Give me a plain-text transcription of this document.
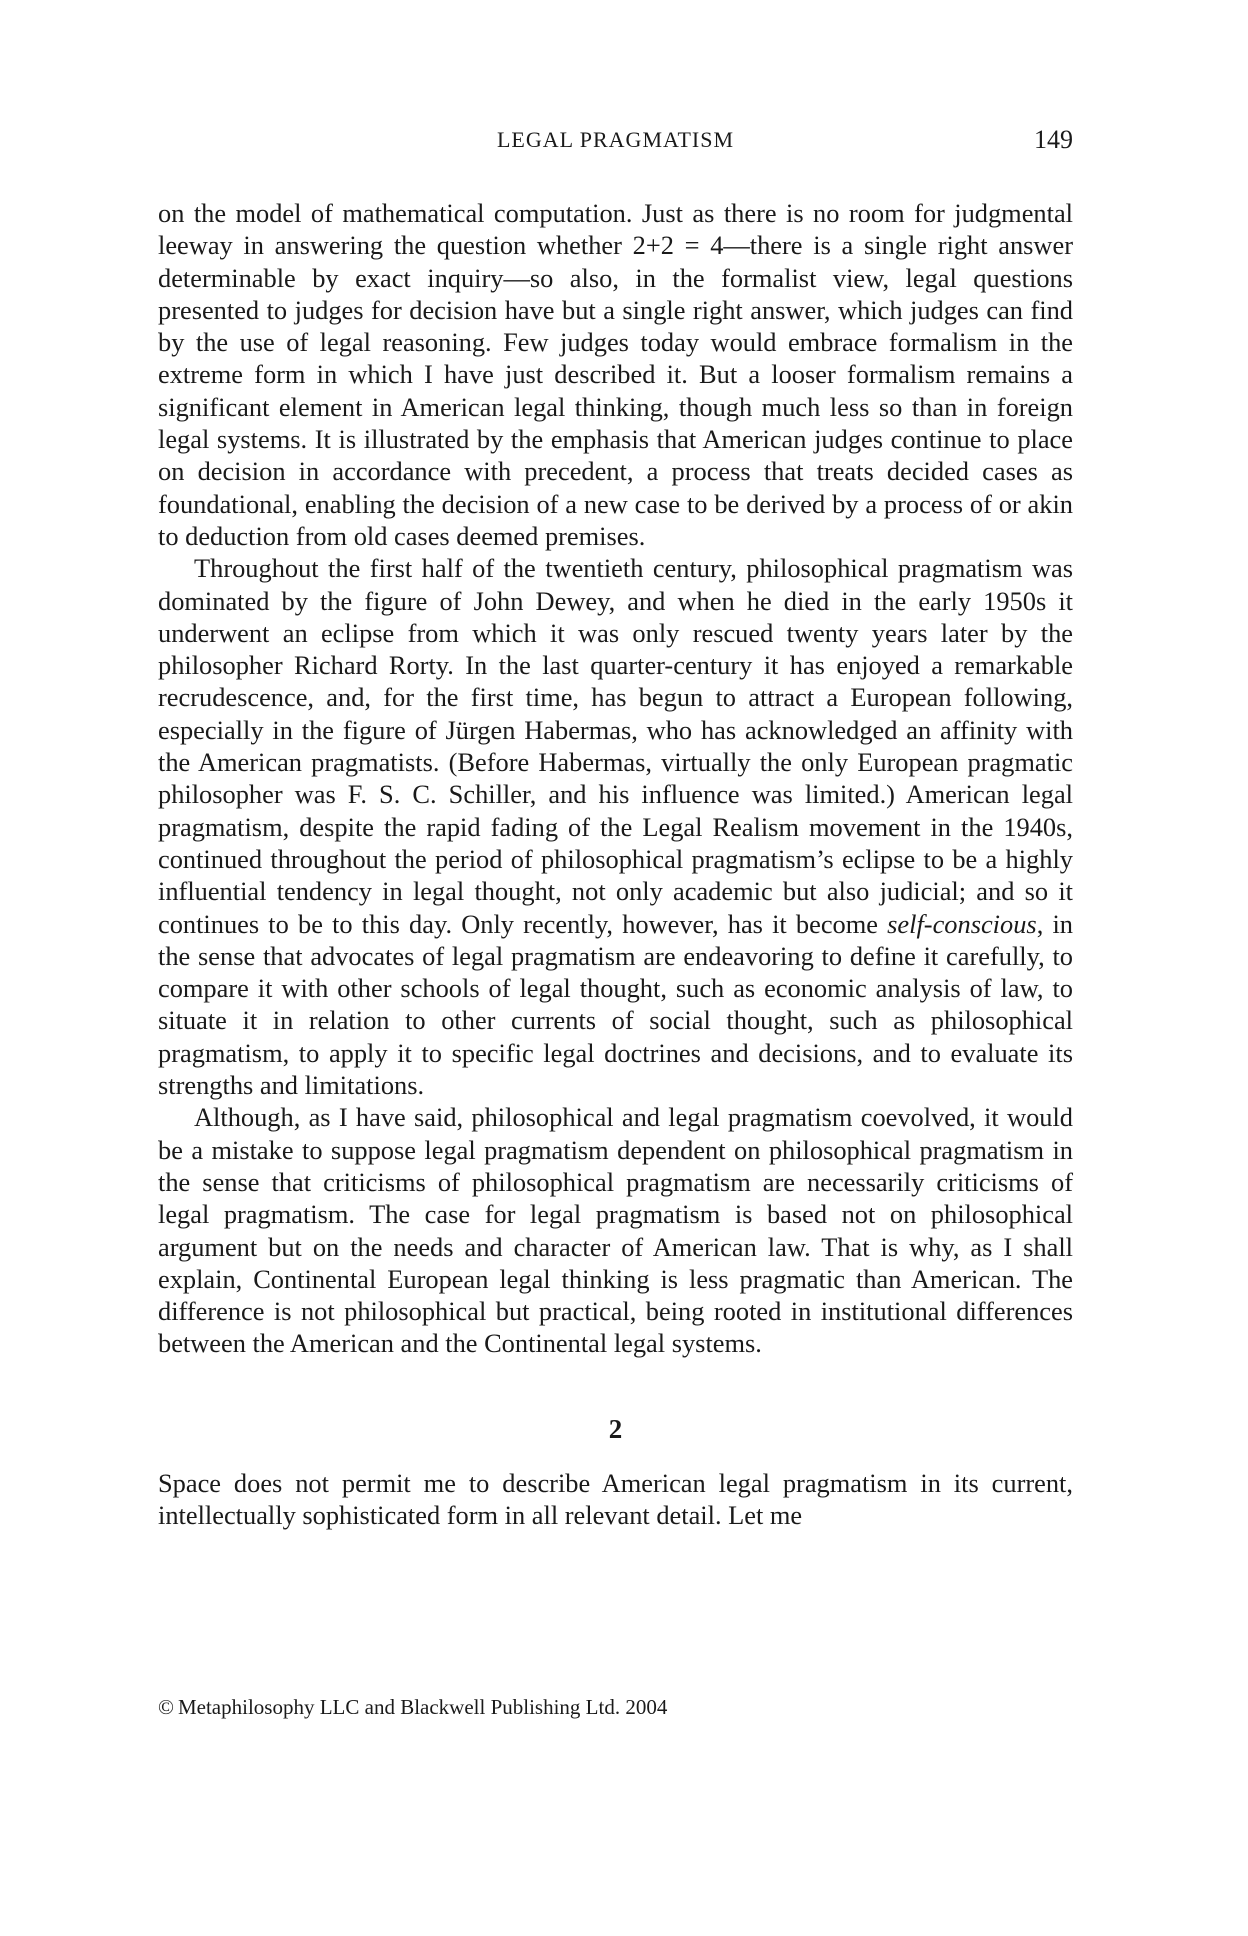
LEGAL PRAGMATISM	149

on the model of mathematical computation. Just as there is no room for judgmental leeway in answering the question whether 2+2 = 4—there is a single right answer determinable by exact inquiry—so also, in the formalist view, legal questions presented to judges for decision have but a single right answer, which judges can find by the use of legal reasoning. Few judges today would embrace formalism in the extreme form in which I have just described it. But a looser formalism remains a significant element in American legal thinking, though much less so than in foreign legal systems. It is illustrated by the emphasis that American judges continue to place on decision in accordance with precedent, a process that treats decided cases as foundational, enabling the decision of a new case to be derived by a process of or akin to deduction from old cases deemed premises.

Throughout the first half of the twentieth century, philosophical pragmatism was dominated by the figure of John Dewey, and when he died in the early 1950s it underwent an eclipse from which it was only rescued twenty years later by the philosopher Richard Rorty. In the last quarter-century it has enjoyed a remarkable recrudescence, and, for the first time, has begun to attract a European following, especially in the figure of Jürgen Habermas, who has acknowledged an affinity with the American pragmatists. (Before Habermas, virtually the only European pragmatic philosopher was F. S. C. Schiller, and his influence was limited.) American legal pragmatism, despite the rapid fading of the Legal Realism movement in the 1940s, continued throughout the period of philosophical pragmatism’s eclipse to be a highly influential tendency in legal thought, not only academic but also judicial; and so it continues to be to this day. Only recently, however, has it become self-conscious, in the sense that advocates of legal pragmatism are endeavoring to define it carefully, to compare it with other schools of legal thought, such as economic analysis of law, to situate it in relation to other currents of social thought, such as philosophical pragmatism, to apply it to specific legal doctrines and decisions, and to evaluate its strengths and limitations.

Although, as I have said, philosophical and legal pragmatism coevolved, it would be a mistake to suppose legal pragmatism dependent on philosophical pragmatism in the sense that criticisms of philosophical pragmatism are necessarily criticisms of legal pragmatism. The case for legal pragmatism is based not on philosophical argument but on the needs and character of American law. That is why, as I shall explain, Continental European legal thinking is less pragmatic than American. The difference is not philosophical but practical, being rooted in institutional differences between the American and the Continental legal systems.

2

Space does not permit me to describe American legal pragmatism in its current, intellectually sophisticated form in all relevant detail. Let me

© Metaphilosophy LLC and Blackwell Publishing Ltd. 2004
